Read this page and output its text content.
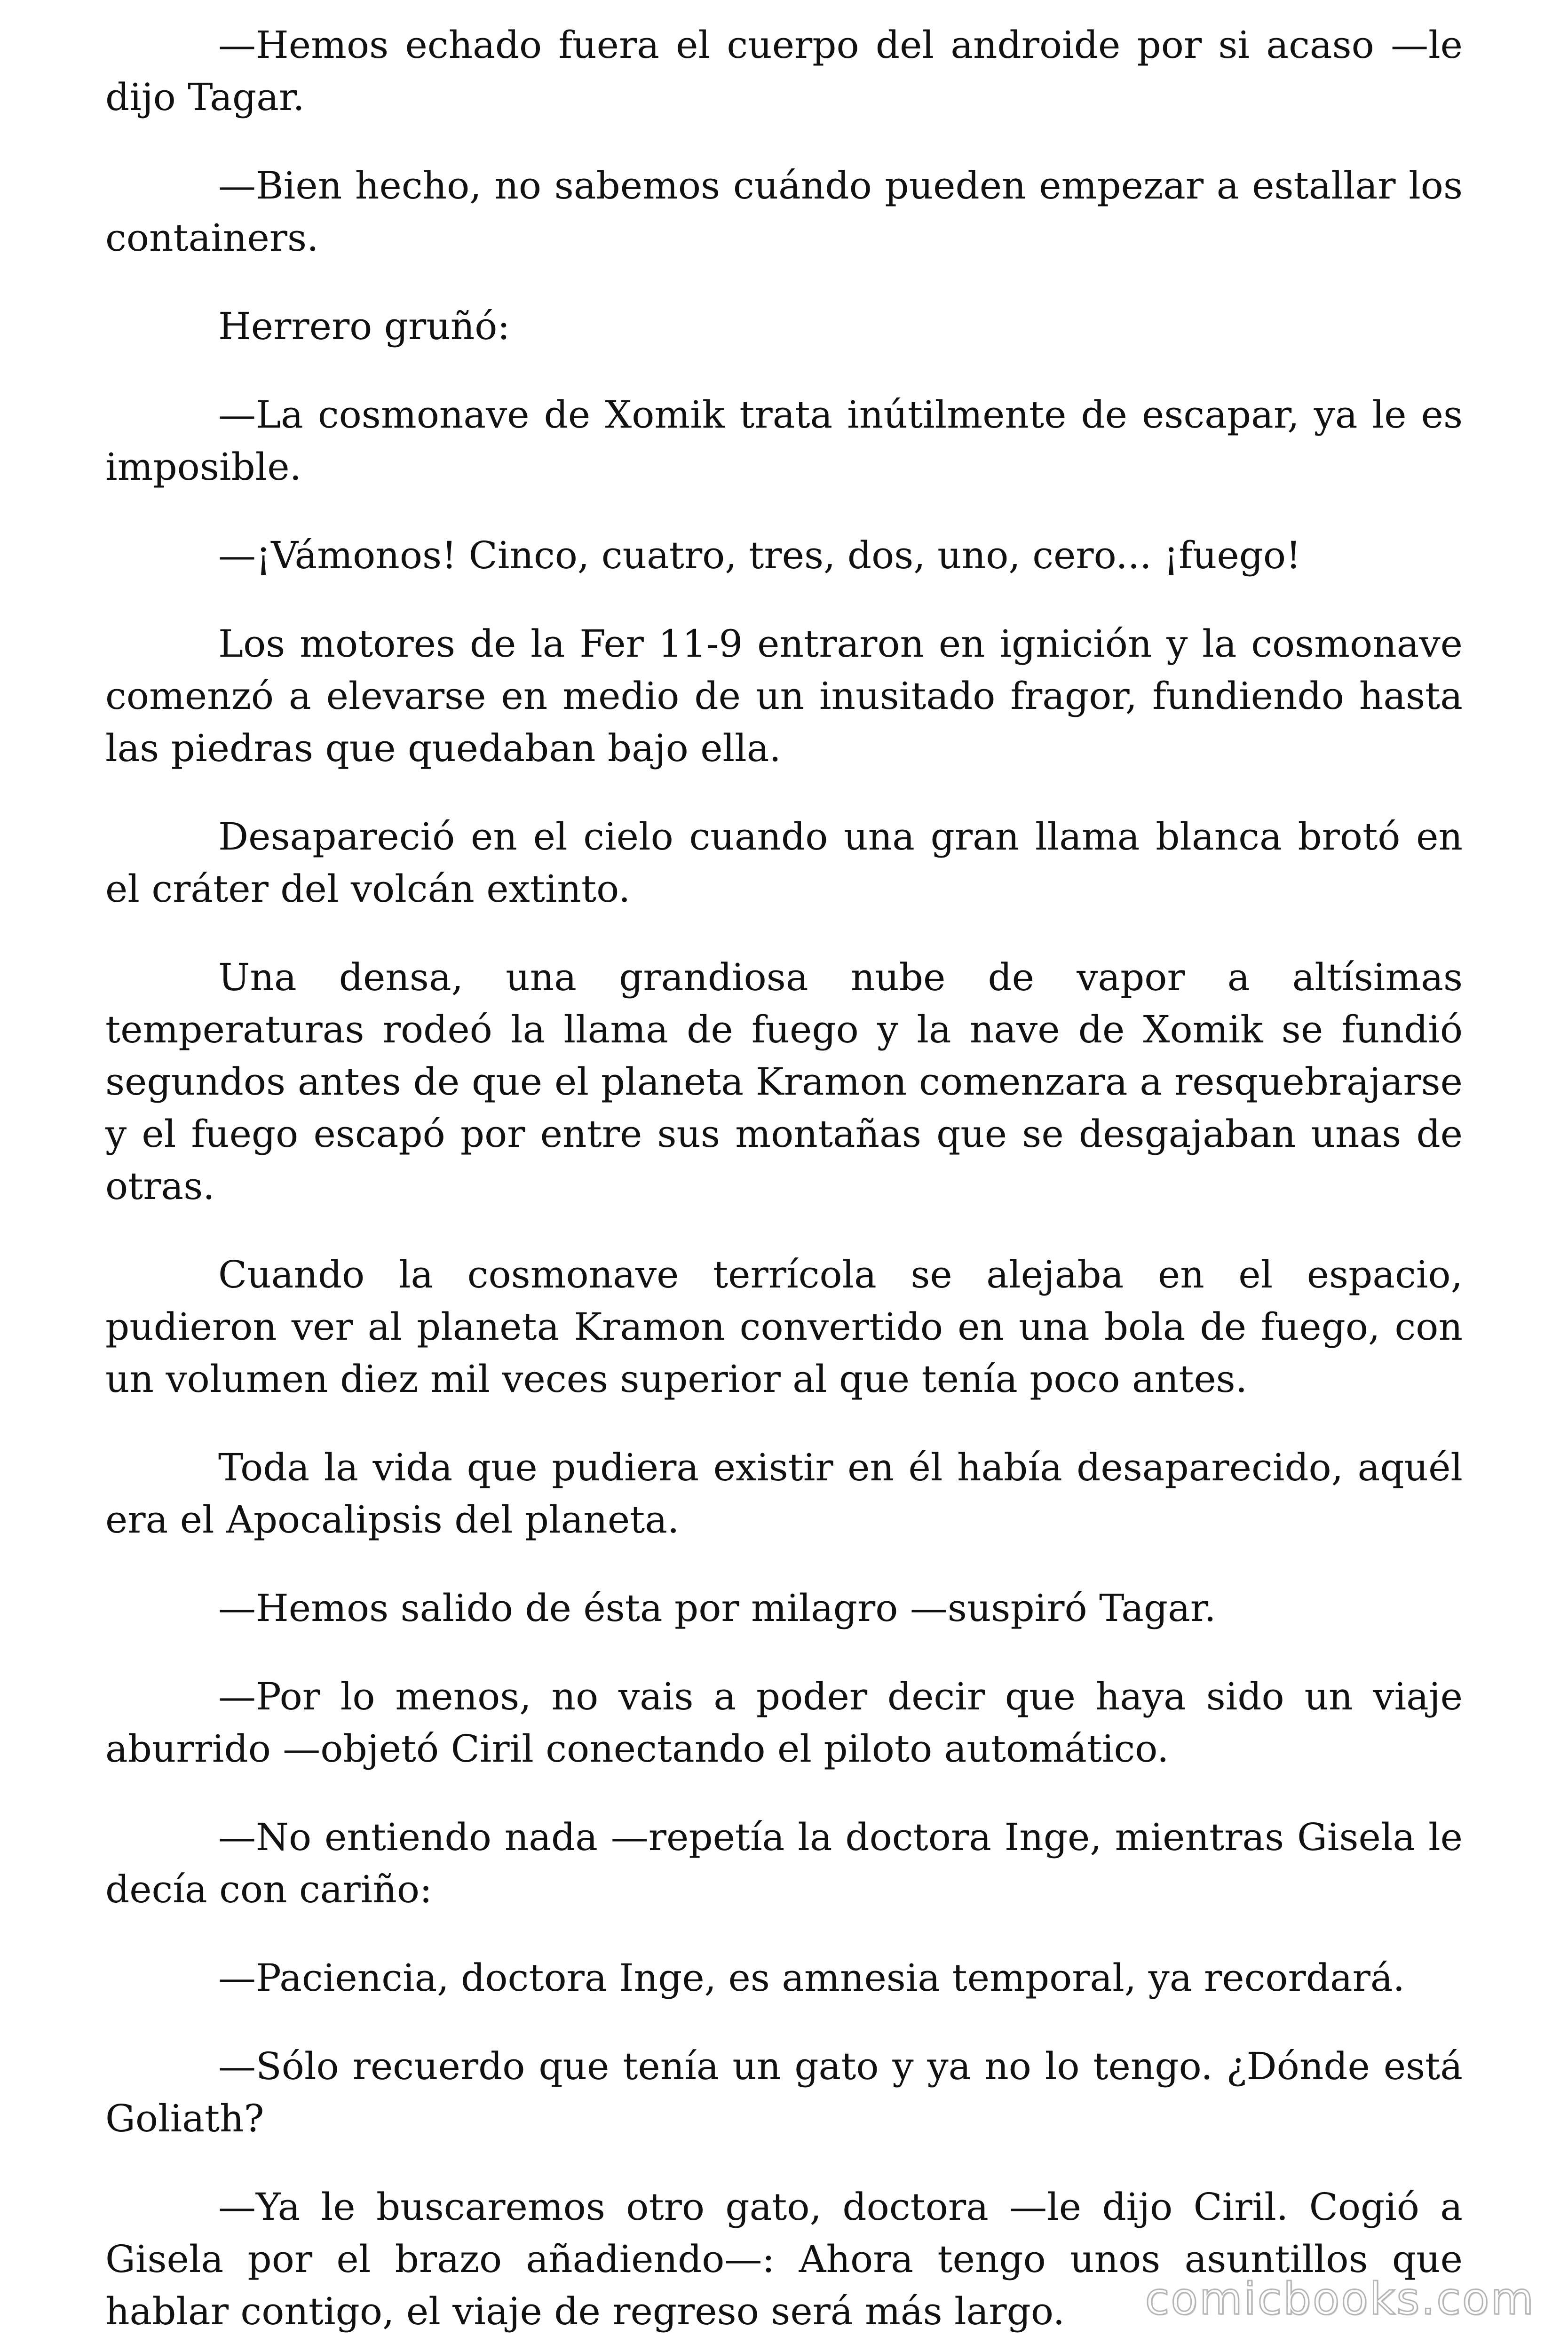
—Hemos echado fuera el cuerpo del androide por si acaso —le dijo Tagar.

—Bien hecho, no sabemos cuándo pueden empezar a estallar los containers.

Herrero gruñó:

—La cosmonave de Xomik trata inútilmente de escapar, ya le es imposible.

—¡Vámonos! Cinco, cuatro, tres, dos, uno, cero... ¡fuego!

Los motores de la Fer 11-9 entraron en ignición y la cosmonave comenzó a elevarse en medio de un inusitado fragor, fundiendo hasta las piedras que quedaban bajo ella.

Desapareció en el cielo cuando una gran llama blanca brotó en el cráter del volcán extinto.

Una densa, una grandiosa nube de vapor a altísimas temperaturas rodeó la llama de fuego y la nave de Xomik se fundió segundos antes de que el planeta Kramon comenzara a resquebrajarse y el fuego escapó por entre sus montañas que se desgajaban unas de otras.

Cuando la cosmonave terrícola se alejaba en el espacio, pudieron ver al planeta Kramon convertido en una bola de fuego, con un volumen diez mil veces superior al que tenía poco antes.

Toda la vida que pudiera existir en él había desaparecido, aquél era el Apocalipsis del planeta.

—Hemos salido de ésta por milagro —suspiró Tagar.

—Por lo menos, no vais a poder decir que haya sido un viaje aburrido —objetó Ciril conectando el piloto automático.

—No entiendo nada —repetía la doctora Inge, mientras Gisela le decía con cariño:

—Paciencia, doctora Inge, es amnesia temporal, ya recordará.

—Sólo recuerdo que tenía un gato y ya no lo tengo. ¿Dónde está Goliath?

—Ya le buscaremos otro gato, doctora —le dijo Ciril. Cogió a Gisela por el brazo añadiendo—: Ahora tengo unos asuntillos que hablar contigo, el viaje de regreso será más largo.	comicbooks.com
